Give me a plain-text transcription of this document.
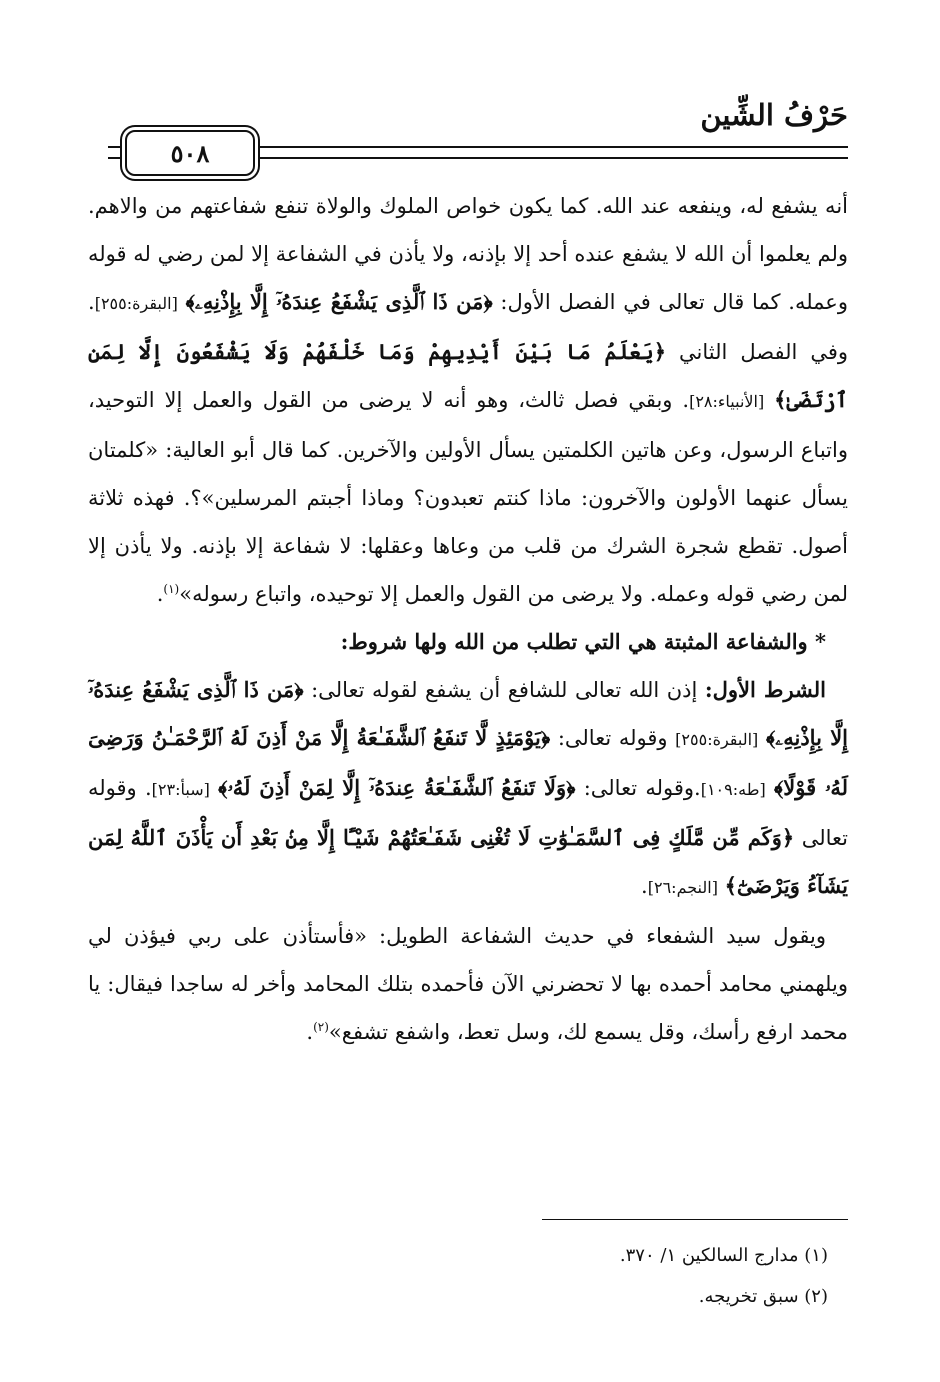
حَرْفُ الشِّين
٥٠٨

أنه يشفع له، وينفعه عند الله. كما يكون خواص الملوك والولاة تنفع شفاعتهم من والاهم. ولم يعلموا أن الله لا يشفع عنده أحد إلا بإذنه، ولا يأذن في الشفاعة إلا لمن رضي له قوله وعمله. كما قال تعالى في الفصل الأول: ﴿مَن ذَا ٱلَّذِى يَشْفَعُ عِندَهُۥٓ إِلَّا بِإِذْنِهِۦ﴾ [البقرة:٢٥٥]. وفي الفصل الثاني ﴿يَعْلَمُ مَا بَيْنَ أَيْدِيهِمْ وَمَا خَلْفَهُمْ وَلَا يَشْفَعُونَ إِلَّا لِمَنِ ٱرْتَضَىٰ﴾ [الأنبياء:٢٨]. وبقي فصل ثالث، وهو أنه لا يرضى من القول والعمل إلا التوحيد، واتباع الرسول، وعن هاتين الكلمتين يسأل الأولين والآخرين. كما قال أبو العالية: «كلمتان يسأل عنهما الأولون والآخرون: ماذا كنتم تعبدون؟ وماذا أجبتم المرسلين»؟. فهذه ثلاثة أصول. تقطع شجرة الشرك من قلب من وعاها وعقلها: لا شفاعة إلا بإذنه. ولا يأذن إلا لمن رضي قوله وعمله. ولا يرضى من القول والعمل إلا توحيده، واتباع رسوله»$^{(١)}$.

* والشفاعة المثبتة هي التي تطلب من الله ولها شروط:

الشرط الأول: إذن الله تعالى للشافع أن يشفع لقوله تعالى: ﴿مَن ذَا ٱلَّذِى يَشْفَعُ عِندَهُۥٓ إِلَّا بِإِذْنِهِۦ﴾ [البقرة:٢٥٥] وقوله تعالى: ﴿يَوْمَئِذٍ لَّا تَنفَعُ ٱلشَّفَـٰعَةُ إِلَّا مَنْ أَذِنَ لَهُ ٱلرَّحْمَـٰنُ وَرَضِىَ لَهُۥ قَوْلًا﴾ [طه:١٠٩].وقوله تعالى: ﴿وَلَا تَنفَعُ ٱلشَّفَـٰعَةُ عِندَهُۥٓ إِلَّا لِمَنْ أَذِنَ لَهُۥ﴾ [سبأ:٢٣]. وقوله تعالى ﴿وَكَم مِّن مَّلَكٍ فِى ٱلسَّمَـٰوَٰتِ لَا تُغْنِى شَفَـٰعَتُهُمْ شَيْـًٔا إِلَّا مِنۢ بَعْدِ أَن يَأْذَنَ ٱللَّهُ لِمَن يَشَآءُ وَيَرْضَىٰٓ﴾ [النجم:٢٦].

ويقول سيد الشفعاء في حديث الشفاعة الطويل: «فأستأذن على ربي فيؤذن لي ويلهمني محامد أحمده بها لا تحضرني الآن فأحمده بتلك المحامد وأخر له ساجدا فيقال: يا محمد ارفع رأسك، وقل يسمع لك، وسل تعط، واشفع تشفع»$^{(٢)}$.

(١) مدارج السالكين ١/ ٣٧٠.
(٢) سبق تخريجه.
